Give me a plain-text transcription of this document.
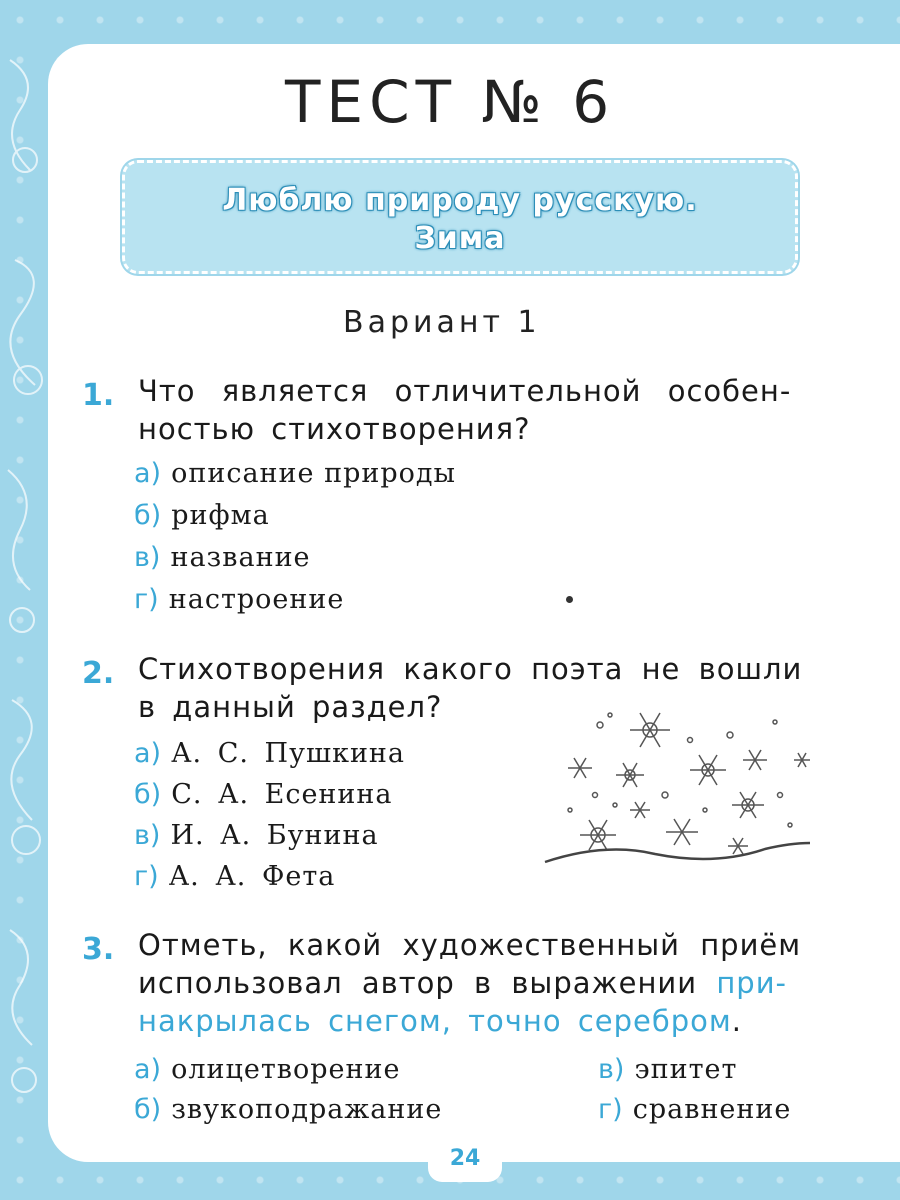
ТЕСТ № 6
Люблю природу русскую.
Зима
Вариант 1
1. Что является отличительной особен-
ностью стихотворения?
а) описание природы
б) рифма
в) название
г) настроение
2. Стихотворения какого поэта не вошли
в данный раздел?
а) А. С. Пушкина
б) С. А. Есенина
в) И. А. Бунина
г) А. А. Фета
3. Отметь, какой художественный приём
использовал автор в выражении при-
накрылась снегом, точно серебром.
а) олицетворение
б) звукоподражание
в) эпитет
г) сравнение
24
